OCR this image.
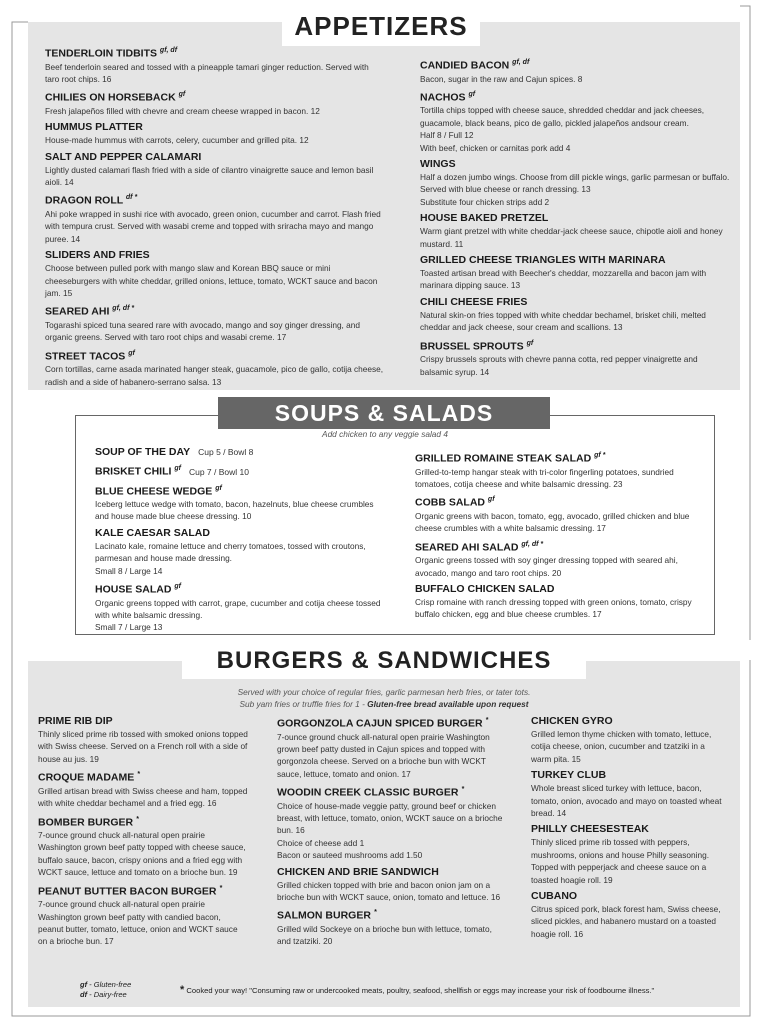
APPETIZERS
TENDERLOIN TIDBITS $^{gf, df}$
Beef tenderloin seared and tossed with a pineapple tamari ginger reduction. Served with taro root chips. 16
CHILIES ON HORSEBACK $^{gf}$
Fresh jalapeños filled with chevre and cream cheese wrapped in bacon. 12
HUMMUS PLATTER
House-made hummus with carrots, celery, cucumber and grilled pita. 12
SALT AND PEPPER CALAMARI
Lightly dusted calamari flash fried with a side of cilantro vinaigrette sauce and lemon basil aioli. 14
DRAGON ROLL $^{df *}$
Ahi poke wrapped in sushi rice with avocado, green onion, cucumber and carrot. Flash fried with tempura crust. Served with wasabi creme and topped with sriracha mayo and mango puree. 14
SLIDERS AND FRIES
Choose between pulled pork with mango slaw and Korean BBQ sauce or mini cheeseburgers with white cheddar, grilled onions, lettuce, tomato, WCKT sauce and bacon jam. 15
SEARED AHI $^{gf, df *}$
Togarashi spiced tuna seared rare with avocado, mango and soy ginger dressing, and organic greens. Served with taro root chips and wasabi creme. 17
STREET TACOS $^{gf}$
Corn tortillas, carne asada marinated hanger steak, guacamole, pico de gallo, cotija cheese, radish and a side of habanero-serrano salsa. 13
CANDIED BACON $^{gf, df}$
Bacon, sugar in the raw and Cajun spices. 8
NACHOS $^{gf}$
Tortilla chips topped with cheese sauce, shredded cheddar and jack cheeses, guacamole, black beans, pico de gallo, pickled jalapeños andsour cream.
Half 8 / Full 12
With beef, chicken or carnitas pork add 4
WINGS
Half a dozen jumbo wings. Choose from dill pickle wings, garlic parmesan or buffalo. Served with blue cheese or ranch dressing. 13
Substitute four chicken strips add 2
HOUSE BAKED PRETZEL
Warm giant pretzel with white cheddar-jack cheese sauce, chipotle aioli and honey mustard. 11
GRILLED CHEESE TRIANGLES WITH MARINARA
Toasted artisan bread with Beecher's cheddar, mozzarella and bacon jam with marinara dipping sauce. 13
CHILI CHEESE FRIES
Natural skin-on fries topped with white cheddar bechamel, brisket chili, melted cheddar and jack cheese, sour cream and scallions. 13
BRUSSEL SPROUTS $^{gf}$
Crispy brussels sprouts with chevre panna cotta, red pepper vinaigrette and balsamic syrup. 14
SOUPS & SALADS
Add chicken to any veggie salad 4
SOUP OF THE DAY Cup 5 / Bowl 8
BRISKET CHILI $^{gf}$ Cup 7 / Bowl 10
BLUE CHEESE WEDGE $^{gf}$
Iceberg lettuce wedge with tomato, bacon, hazelnuts, blue cheese crumbles and house made blue cheese dressing. 10
KALE CAESAR SALAD
Lacinato kale, romaine lettuce and cherry tomatoes, tossed with croutons, parmesan and house made dressing.
Small 8 / Large 14
HOUSE SALAD $^{gf}$
Organic greens topped with carrot, grape, cucumber and cotija cheese tossed with white balsamic dressing.
Small 7 / Large 13
GRILLED ROMAINE STEAK SALAD $^{gf *}$
Grilled-to-temp hangar steak with tri-color fingerling potatoes, sundried tomatoes, cotija cheese and white balsamic dressing. 23
COBB SALAD $^{gf}$
Organic greens with bacon, tomato, egg, avocado, grilled chicken and blue cheese crumbles with a white balsamic dressing. 17
SEARED AHI SALAD $^{gf, df *}$
Organic greens tossed with soy ginger dressing topped with seared ahi, avocado, mango and taro root chips. 20
BUFFALO CHICKEN SALAD
Crisp romaine with ranch dressing topped with green onions, tomato, crispy buffalo chicken, egg and blue cheese crumbles. 17
BURGERS & SANDWICHES
Served with your choice of regular fries, garlic parmesan herb fries, or tater tots.
Sub yam fries or truffle fries for 1 - Gluten-free bread available upon request
PRIME RIB DIP
Thinly sliced prime rib tossed with smoked onions topped with Swiss cheese. Served on a French roll with a side of house au jus. 19
CROQUE MADAME *
Grilled artisan bread with Swiss cheese and ham, topped with white cheddar bechamel and a fried egg. 16
BOMBER BURGER *
7-ounce ground chuck all-natural open prairie Washington grown beef patty topped with cheese sauce, buffalo sauce, bacon, crispy onions and a fried egg with WCKT sauce, lettuce and tomato on a brioche bun. 19
PEANUT BUTTER BACON BURGER *
7-ounce ground chuck all-natural open prairie Washington grown beef patty with candied bacon, peanut butter, tomato, lettuce, onion and WCKT sauce on a brioche bun. 17
GORGONZOLA CAJUN SPICED BURGER *
7-ounce ground chuck all-natural open prairie Washington grown beef patty dusted in Cajun spices and topped with gorgonzola cheese. Served on a brioche bun with WCKT sauce, lettuce, tomato and onion. 17
WOODIN CREEK CLASSIC BURGER *
Choice of house-made veggie patty, ground beef or chicken breast, with lettuce, tomato, onion, WCKT sauce on a brioche bun. 16
Choice of cheese add 1
Bacon or sauteed mushrooms add 1.50
CHICKEN AND BRIE SANDWICH
Grilled chicken topped with brie and bacon onion jam on a brioche bun with WCKT sauce, onion, tomato and lettuce. 16
SALMON BURGER *
Grilled wild Sockeye on a brioche bun with lettuce, tomato, and tzatziki. 20
CHICKEN GYRO
Grilled lemon thyme chicken with tomato, lettuce, cotija cheese, onion, cucumber and tzatziki in a warm pita. 15
TURKEY CLUB
Whole breast sliced turkey with lettuce, bacon, tomato, onion, avocado and mayo on toasted wheat bread. 14
PHILLY CHEESESTEAK
Thinly sliced prime rib tossed with peppers, mushrooms, onions and house Philly seasoning. Topped with pepperjack and cheese sauce on a toasted hoagie roll. 19
CUBANO
Citrus spiced pork, black forest ham, Swiss cheese, sliced pickles, and habanero mustard on a toasted hoagie roll. 16
gf - Gluten-free
df - Dairy-free	* Cooked your way! "Consuming raw or undercooked meats, poultry, seafood, shellfish or eggs may increase your risk of foodbourne illness."
